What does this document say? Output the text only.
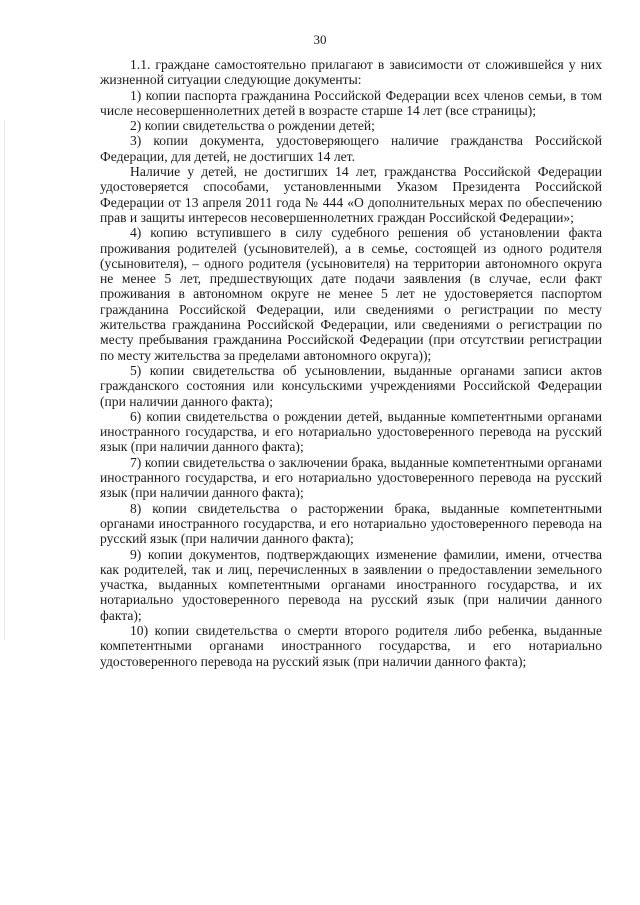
30

1.1. граждане самостоятельно прилагают в зависимости от сложившейся у них жизненной ситуации следующие документы:

1) копии паспорта гражданина Российской Федерации всех членов семьи, в том числе несовершеннолетних детей в возрасте старше 14 лет (все страницы);

2) копии свидетельства о рождении детей;

3) копии документа, удостоверяющего наличие гражданства Российской Федерации, для детей, не достигших 14 лет.

Наличие у детей, не достигших 14 лет, гражданства Российской Федерации удостоверяется способами, установленными Указом Президента Российской Федерации от 13 апреля 2011 года № 444 «О дополнительных мерах по обеспечению прав и защиты интересов несовершеннолетних граждан Российской Федерации»;

4) копию вступившего в силу судебного решения об установлении факта проживания родителей (усыновителей), а в семье, состоящей из одного родителя (усыновителя), – одного родителя (усыновителя) на территории автономного округа не менее 5 лет, предшествующих дате подачи заявления (в случае, если факт проживания в автономном округе не менее 5 лет не удостоверяется паспортом гражданина Российской Федерации, или сведениями о регистрации по месту жительства гражданина Российской Федерации, или сведениями о регистрации по месту пребывания гражданина Российской Федерации (при отсутствии регистрации по месту жительства за пределами автономного округа));

5) копии свидетельства об усыновлении, выданные органами записи актов гражданского состояния или консульскими учреждениями Российской Федерации (при наличии данного факта);

6) копии свидетельства о рождении детей, выданные компетентными органами иностранного государства, и его нотариально удостоверенного перевода на русский язык (при наличии данного факта);

7) копии свидетельства о заключении брака, выданные компетентными органами иностранного государства, и его нотариально удостоверенного перевода на русский язык (при наличии данного факта);

8) копии свидетельства о расторжении брака, выданные компетентными органами иностранного государства, и его нотариально удостоверенного перевода на русский язык (при наличии данного факта);

9) копии документов, подтверждающих изменение фамилии, имени, отчества как родителей, так и лиц, перечисленных в заявлении о предоставлении земельного участка, выданных компетентными органами иностранного государства, и их нотариально удостоверенного перевода на русский язык (при наличии данного факта);

10) копии свидетельства о смерти второго родителя либо ребенка, выданные компетентными органами иностранного государства, и его нотариально удостоверенного перевода на русский язык (при наличии данного факта);
